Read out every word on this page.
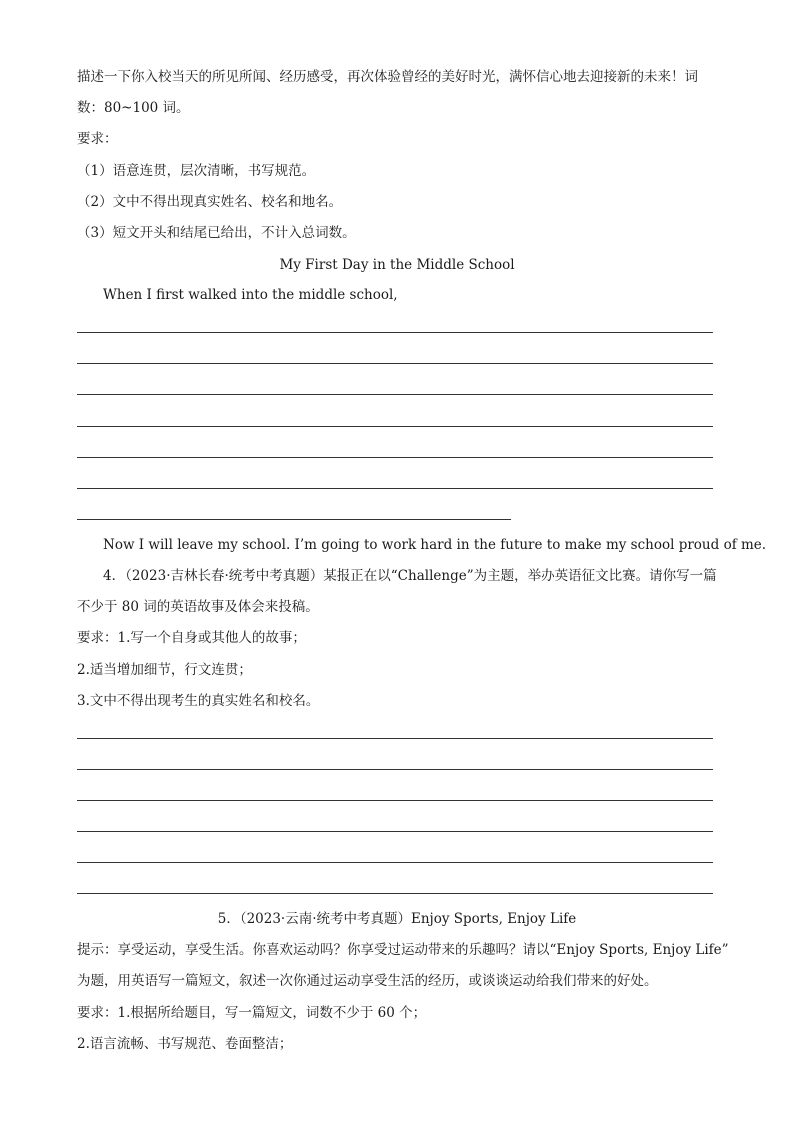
描述一下你入校当天的所见所闻、经历感受，再次体验曾经的美好时光，满怀信心地去迎接新的未来！词
数：80~100 词。
要求：
（1）语意连贯，层次清晰，书写规范。
（2）文中不得出现真实姓名、校名和地名。
（3）短文开头和结尾已给出，不计入总词数。
My First Day in the Middle School
When I first walked into the middle school,
Now I will leave my school. I’m going to work hard in the future to make my school proud of me.
4．（2023·吉林长春·统考中考真题）某报正在以“Challenge”为主题，举办英语征文比赛。请你写一篇
不少于 80 词的英语故事及体会来投稿。
要求：1.写一个自身或其他人的故事；
2.适当增加细节，行文连贯；
3.文中不得出现考生的真实姓名和校名。
5．（2023·云南·统考中考真题）Enjoy Sports, Enjoy Life
提示：享受运动，享受生活。你喜欢运动吗？你享受过运动带来的乐趣吗？请以“Enjoy Sports, Enjoy Life”
为题，用英语写一篇短文，叙述一次你通过运动享受生活的经历，或谈谈运动给我们带来的好处。
要求：1.根据所给题目，写一篇短文，词数不少于 60 个；
2.语言流畅、书写规范、卷面整洁；
